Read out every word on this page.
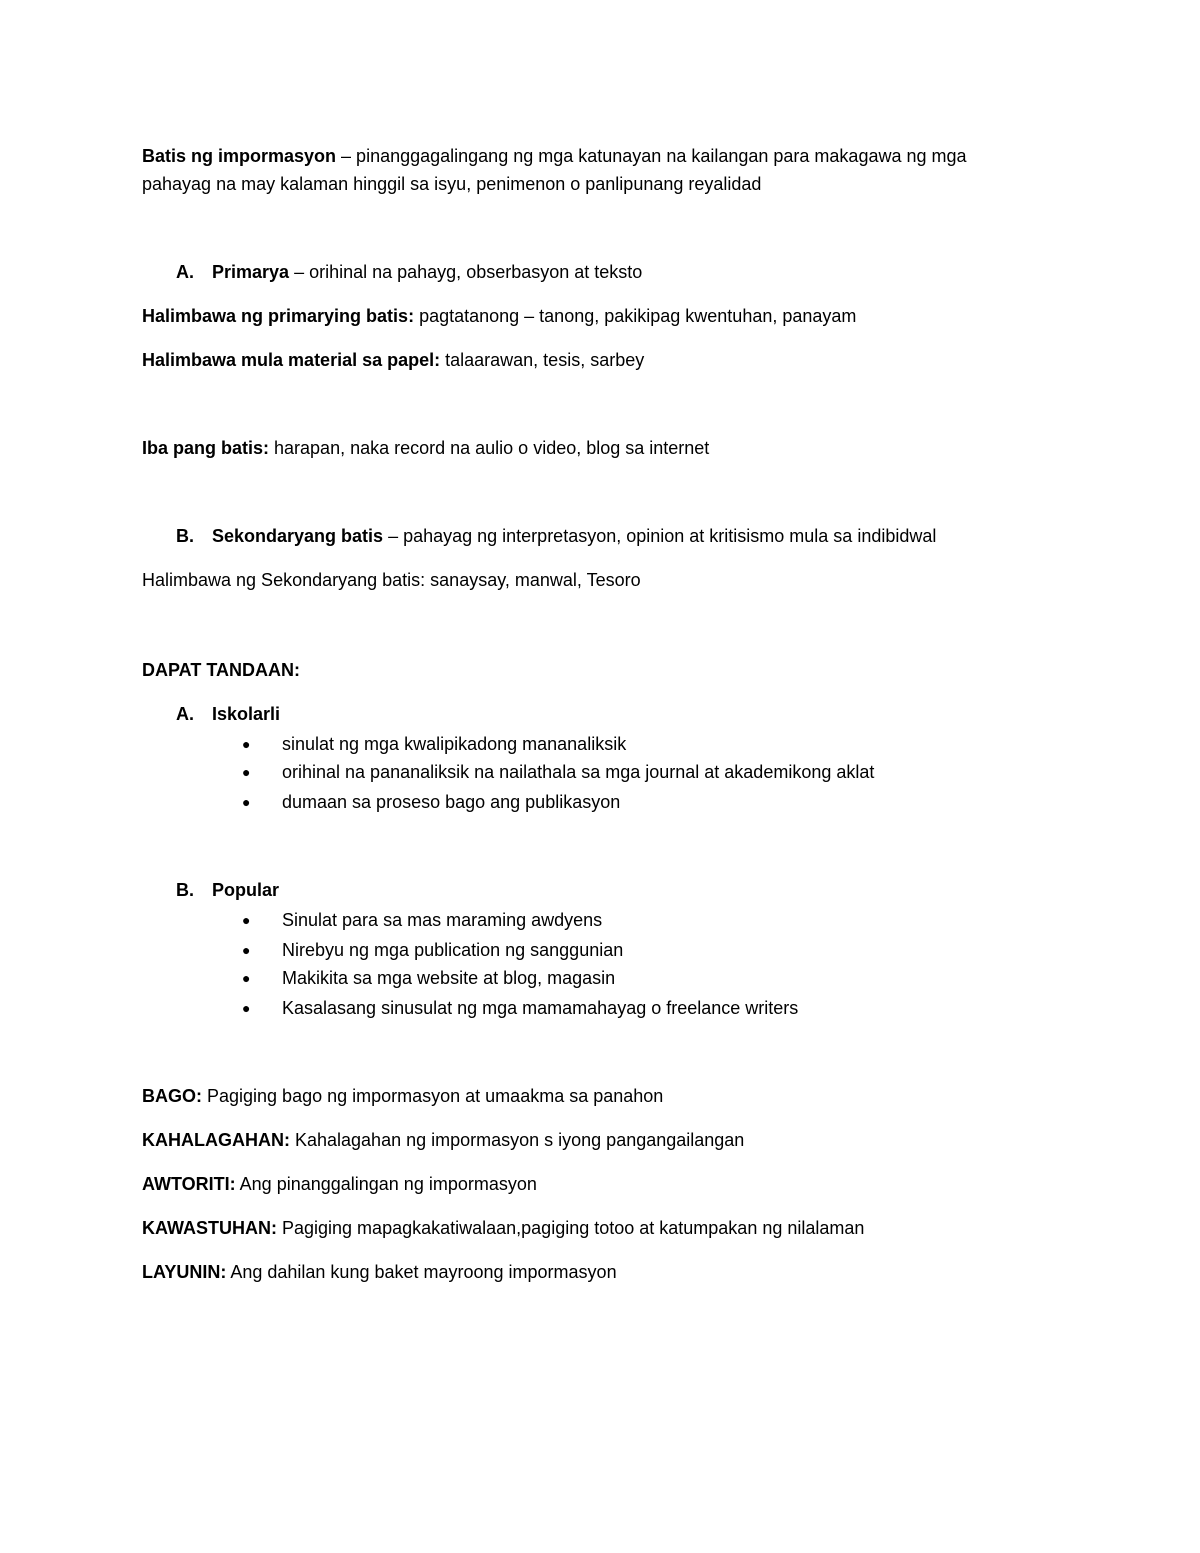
Batis ng impormasyon – pinanggagalingang ng mga katunayan na kailangan para makagawa ng mga
pahayag na may kalaman hinggil sa isyu, penimenon o panlipunang reyalidad
A. Primarya – orihinal na pahayg, obserbasyon at teksto
Halimbawa ng primarying batis: pagtatanong – tanong, pakikipag kwentuhan, panayam
Halimbawa mula material sa papel: talaarawan, tesis, sarbey
Iba pang batis: harapan, naka record na aulio o video, blog sa internet
B. Sekondaryang batis – pahayag ng interpretasyon, opinion at kritisismo mula sa indibidwal
Halimbawa ng Sekondaryang batis: sanaysay, manwal, Tesoro
DAPAT TANDAAN:
A. Iskolarli
● sinulat ng mga kwalipikadong mananaliksik
● orihinal na pananaliksik na nailathala sa mga journal at akademikong aklat
● dumaan sa proseso bago ang publikasyon
B. Popular
● Sinulat para sa mas maraming awdyens
● Nirebyu ng mga publication ng sanggunian
● Makikita sa mga website at blog, magasin
● Kasalasang sinusulat ng mga mamamahayag o freelance writers
BAGO: Pagiging bago ng impormasyon at umaakma sa panahon
KAHALAGAHAN: Kahalagahan ng impormasyon s iyong pangangailangan
AWTORITI: Ang pinanggalingan ng impormasyon
KAWASTUHAN: Pagiging mapagkakatiwalaan,pagiging totoo at katumpakan ng nilalaman
LAYUNIN: Ang dahilan kung baket mayroong impormasyon
